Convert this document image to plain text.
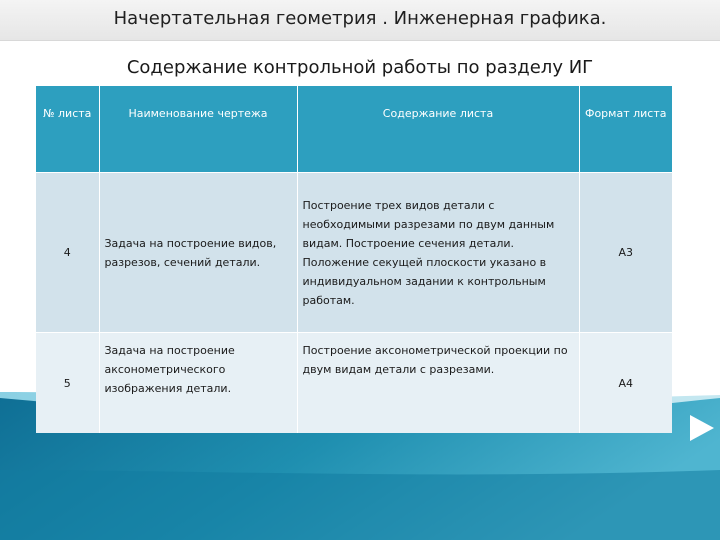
Начертательная геометрия . Инженерная графика.
Содержание контрольной работы по разделу ИГ
№ листа	Наименование чертежа	Содержание листа	Формат листа
4	Задача на построение видов, разрезов, сечений детали.	Построение трех видов детали с необходимыми разрезами по двум данным видам. Построение сечения детали. Положение секущей плоскости указано в индивидуальном задании к контрольным работам.	А3
5	Задача на построение аксонометрического изображения детали.	Построение аксонометрической проекции по двум видам детали с разрезами.	А4
